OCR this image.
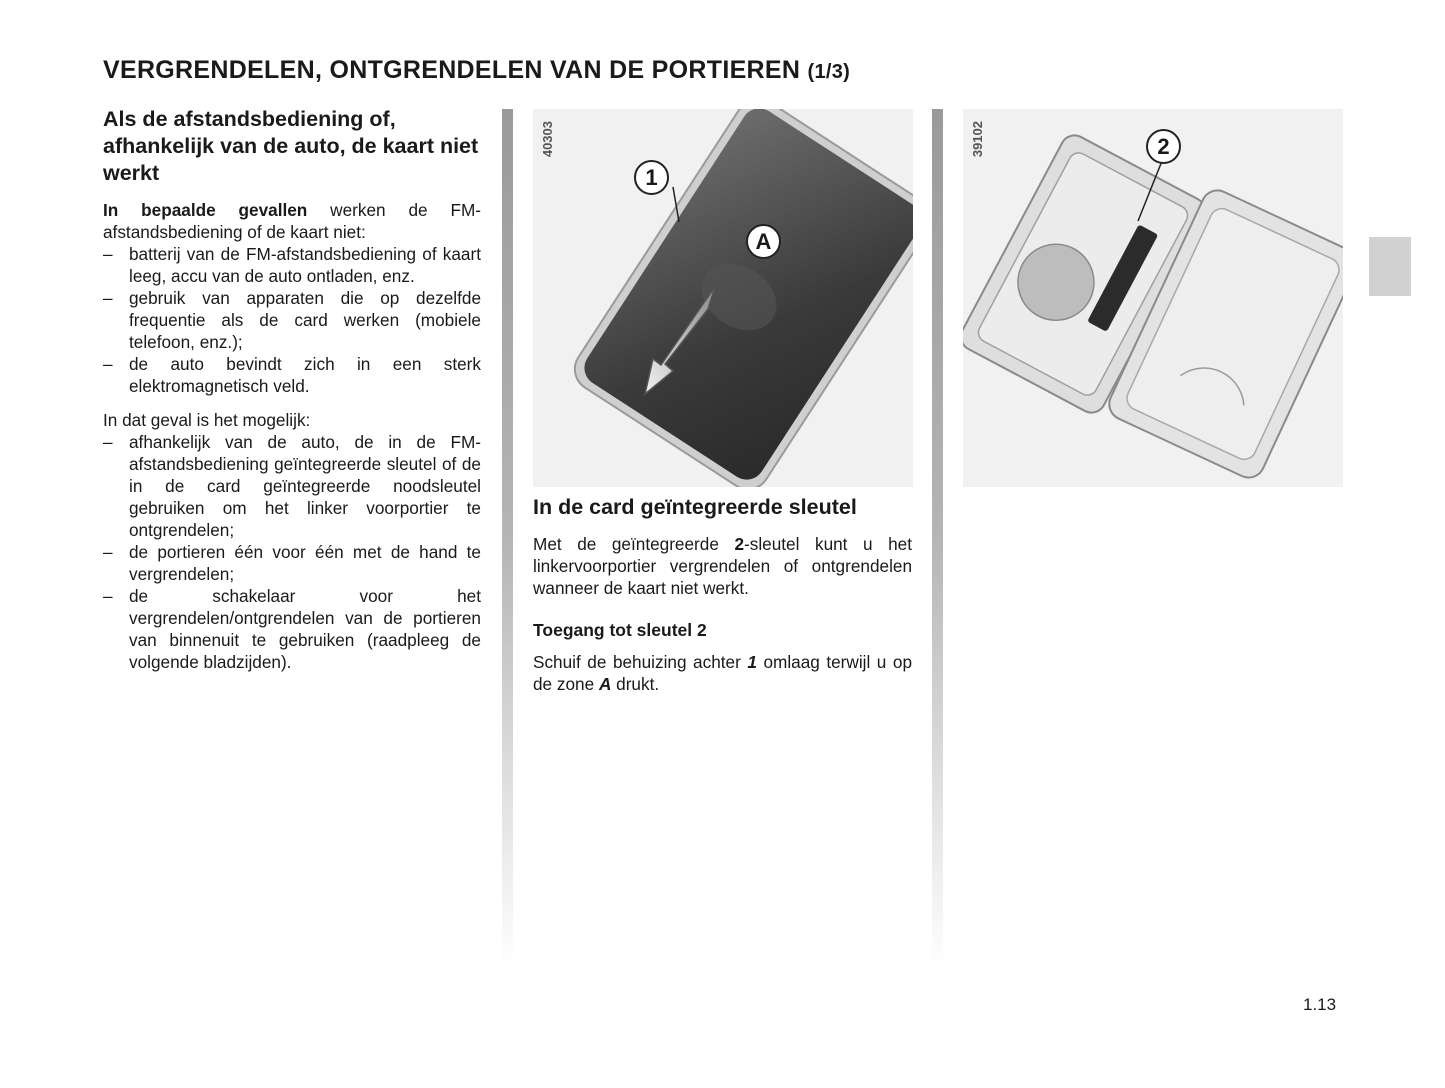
VERGRENDELEN, ONTGRENDELEN VAN DE PORTIEREN (1/3)
Als de afstandsbediening of, afhankelijk van de auto, de kaart niet werkt

In bepaalde gevallen werken de FM-afstandsbediening of de kaart niet:

– batterij van de FM-afstandsbediening of kaart leeg, accu van de auto ontladen, enz.
– gebruik van apparaten die op dezelfde frequentie als de card werken (mobiele telefoon, enz.);
– de auto bevindt zich in een sterk elektromagnetisch veld.

In dat geval is het mogelijk:

– afhankelijk van de auto, de in de FM-afstandsbediening geïntegreerde sleutel of de in de card geïntegreerde noodsleutel gebruiken om het linker voorportier te ontgrendelen;
– de portieren één voor één met de hand te vergrendelen;
– de schakelaar voor het vergrendelen/ontgrendelen van de portieren van binnenuit te gebruiken (raadpleeg de volgende bladzijden).
40303
1
A
39102	2
In de card geïntegreerde sleutel

Met de geïntegreerde 2-sleutel kunt u het linkervoorportier vergrendelen of ontgrendelen wanneer de kaart niet werkt.

Toegang tot sleutel 2

Schuif de behuizing achter 1 omlaag terwijl u op de zone A drukt.

1.13
